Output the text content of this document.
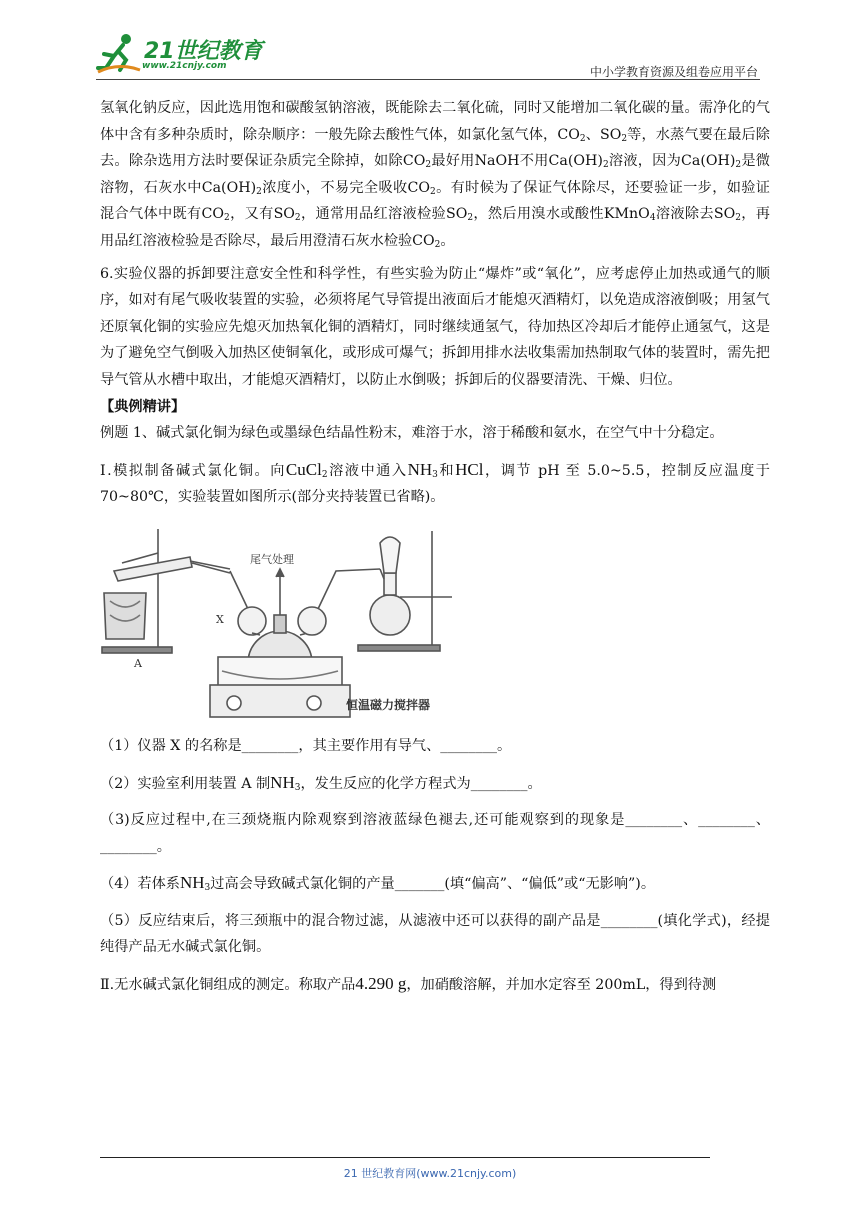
21世纪教育
www.21cnjy.com	中小学教育资源及组卷应用平台

氢氧化钠反应，因此选用饱和碳酸氢钠溶液，既能除去二氧化硫，同时又能增加二氧化碳的量。需净化的气体中含有多种杂质时，除杂顺序：一般先除去酸性气体，如氯化氢气体，$CO_2$、$SO_2$等，水蒸气要在最后除去。除杂选用方法时要保证杂质完全除掉，如除$CO_2$最好用NaOH不用$Ca(OH)_2$溶液，因为$Ca(OH)_2$是微溶物，石灰水中$Ca(OH)_2$浓度小，不易完全吸收$CO_2$。有时候为了保证气体除尽，还要验证一步，如验证混合气体中既有$CO_2$，又有$SO_2$，通常用品红溶液检验$SO_2$，然后用溴水或酸性KMnO$_4$溶液除去$SO_2$，再用品红溶液检验是否除尽，最后用澄清石灰水检验$CO_2$。

6.实验仪器的拆卸要注意安全性和科学性，有些实验为防止“爆炸”或“氧化”，应考虑停止加热或通气的顺序，如对有尾气吸收装置的实验，必须将尾气导管提出液面后才能熄灭酒精灯，以免造成溶液倒吸；用氢气还原氧化铜的实验应先熄灭加热氧化铜的酒精灯，同时继续通氢气，待加热区冷却后才能停止通氢气，这是为了避免空气倒吸入加热区使铜氧化，或形成可爆气；拆卸用排水法收集需加热制取气体的装置时，需先把导气管从水槽中取出，才能熄灭酒精灯，以防止水倒吸；拆卸后的仪器要清洗、干燥、归位。

【典例精讲】

例题 1、碱式氯化铜为绿色或墨绿色结晶性粉末，难溶于水，溶于稀酸和氨水，在空气中十分稳定。

Ⅰ.模拟制备碱式氯化铜。向CuCl$_2$溶液中通入$NH_3$和HCl，调节 pH 至 5.0~5.5，控制反应温度于70~80℃，实验装置如图所示(部分夹持装置已省略)。

尾气处理
X
A
恒温磁力搅拌器

（1）仪器 X 的名称是________，其主要作用有导气、________。

（2）实验室利用装置 A 制$NH_3$，发生反应的化学方程式为________。

（3)反应过程中,在三颈烧瓶内除观察到溶液蓝绿色褪去,还可能观察到的现象是________、________、________。

（4）若体系$NH_3$过高会导致碱式氯化铜的产量_______(填“偏高”、“偏低”或“无影响”)。

（5）反应结束后，将三颈瓶中的混合物过滤，从滤液中还可以获得的副产品是________(填化学式)，经提纯得产品无水碱式氯化铜。

Ⅱ.无水碱式氯化铜组成的测定。称取产品4.290 g，加硝酸溶解，并加水定容至 200mL，得到待测

21 世纪教育网(www.21cnjy.com)
